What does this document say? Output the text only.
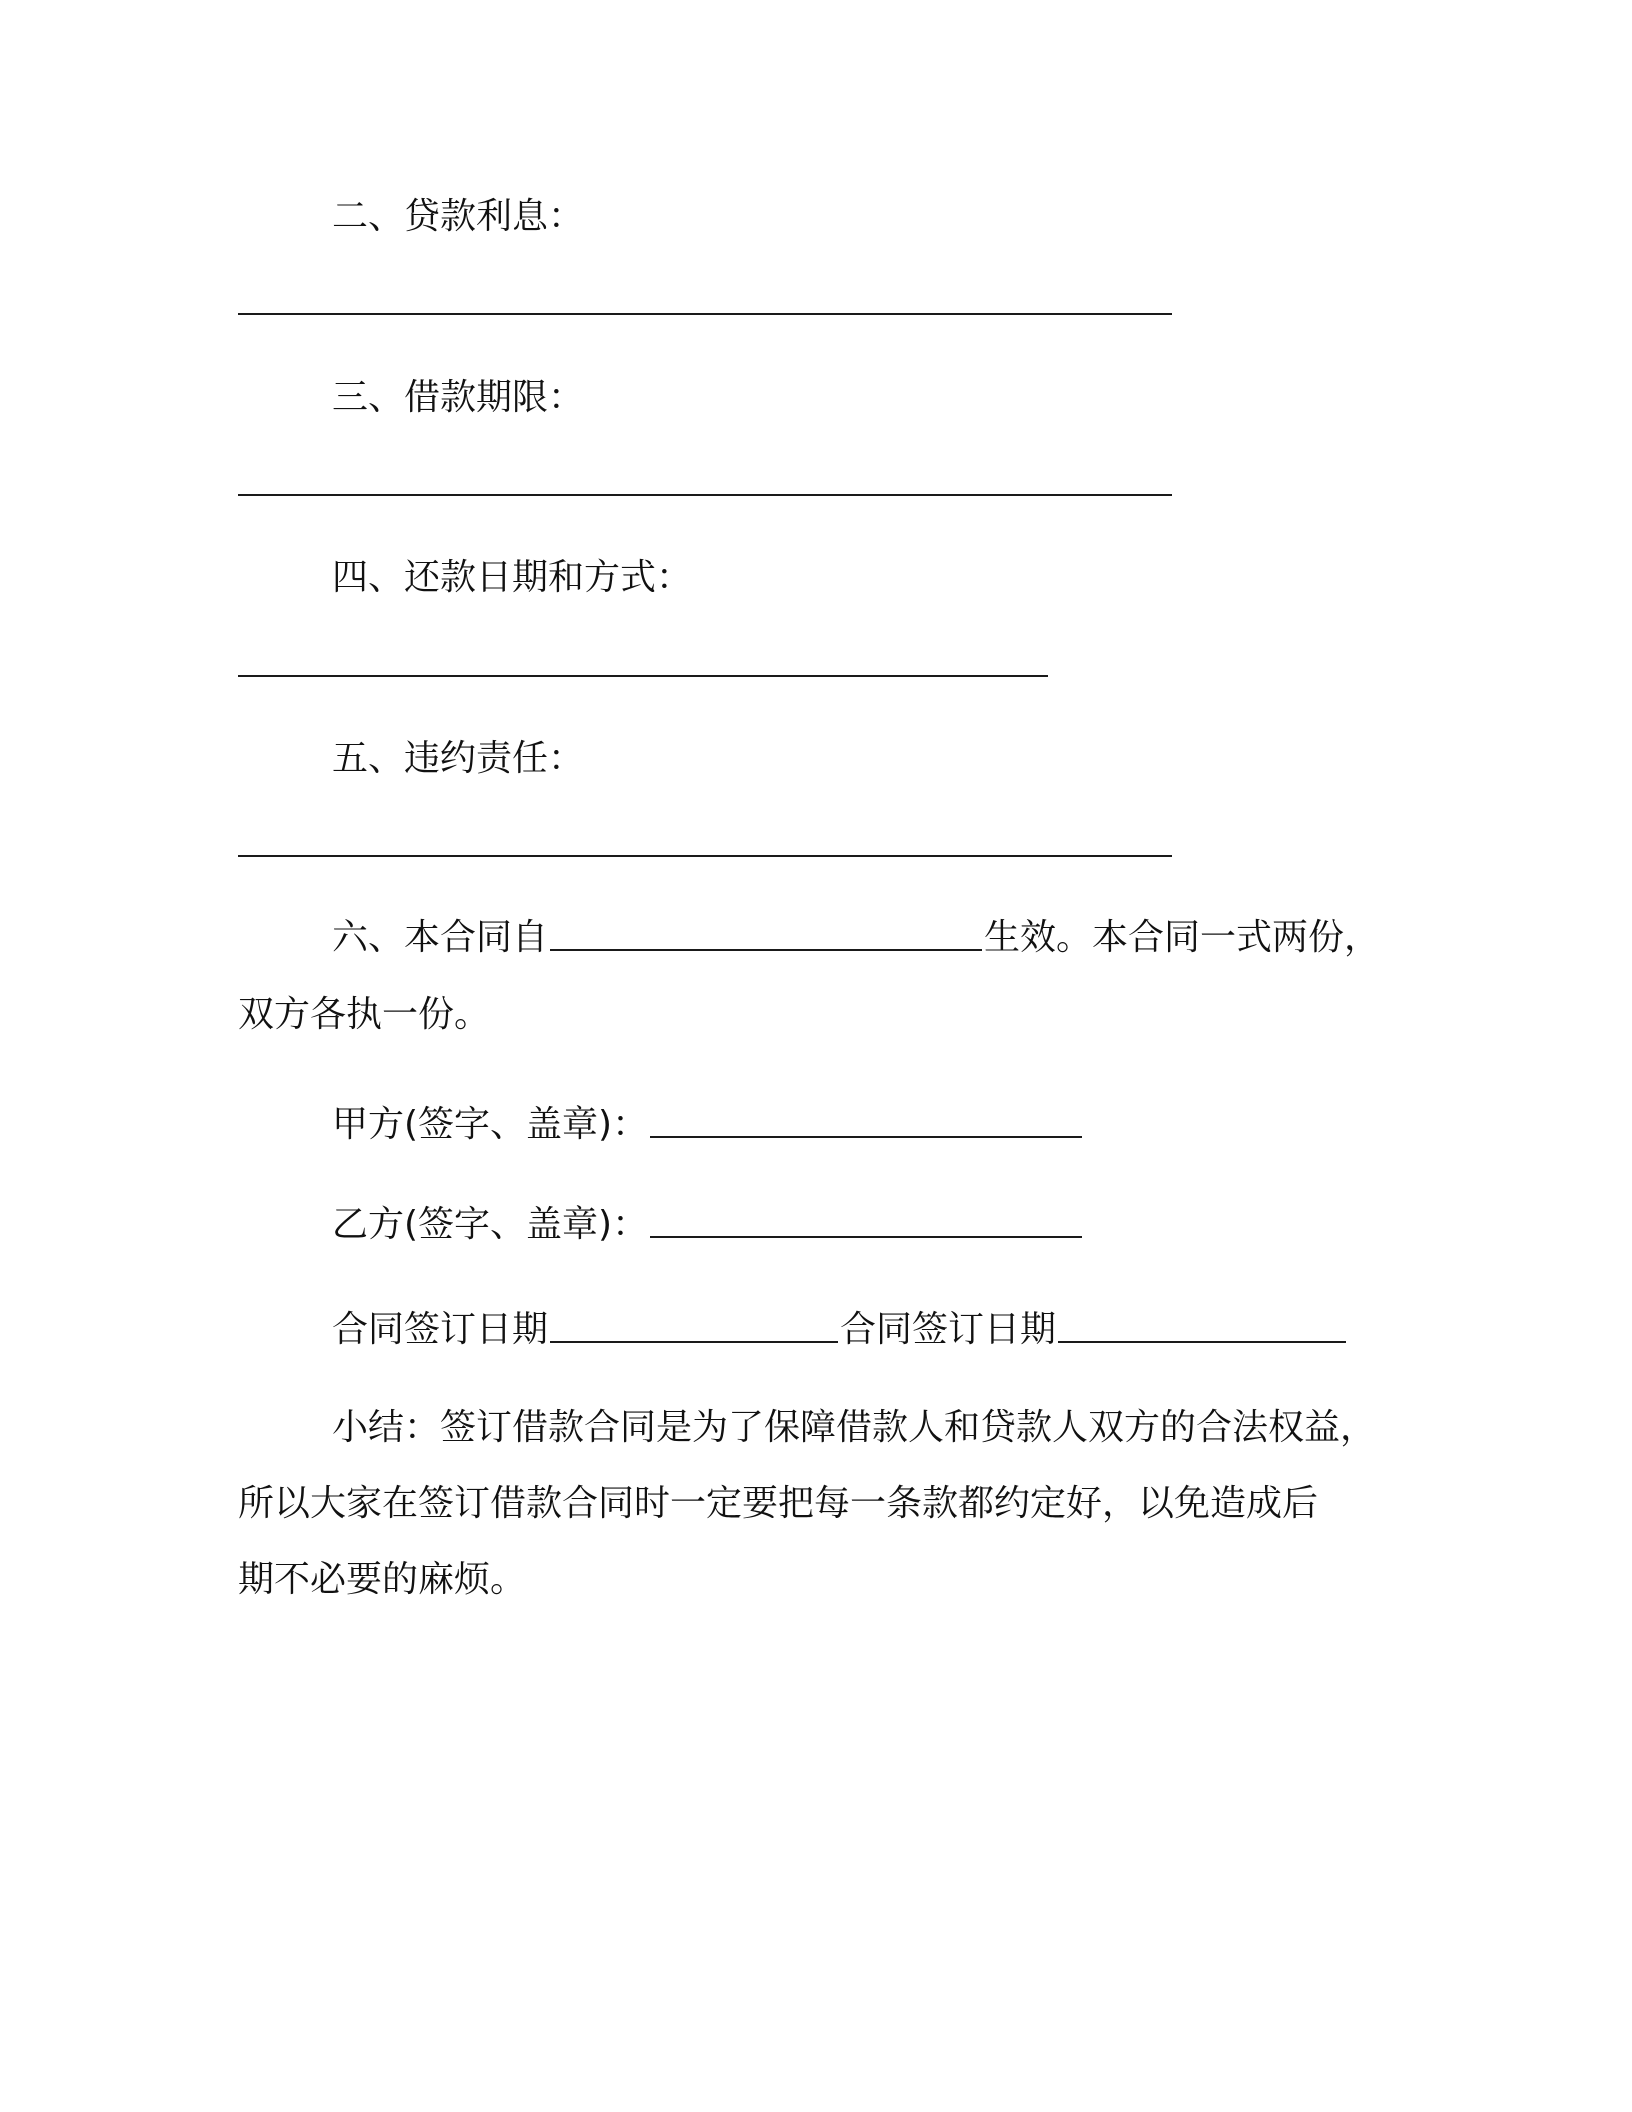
二、贷款利息：
三、借款期限：
四、还款日期和方式：
五、违约责任：
六、本合同自	生效。本合同一式两份，
双方各执一份。
甲方(签字、盖章)：
乙方(签字、盖章)：
合同签订日期	合同签订日期
小结：签订借款合同是为了保障借款人和贷款人双方的合法权益，
所以大家在签订借款合同时一定要把每一条款都约定好，以免造成后
期不必要的麻烦。
